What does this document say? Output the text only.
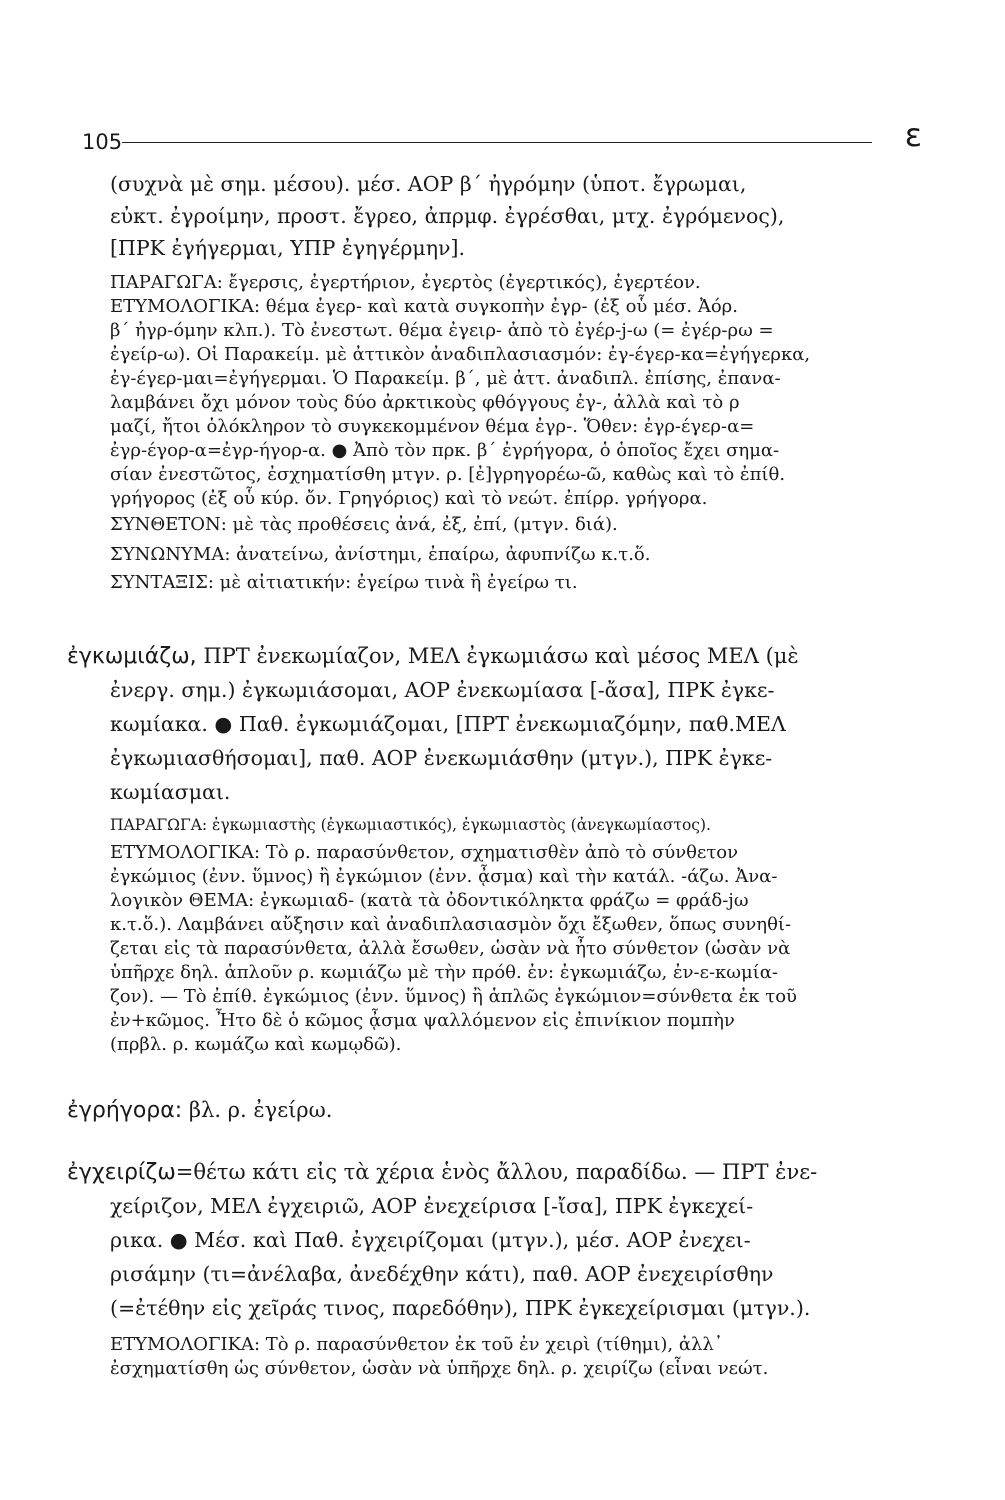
105	ε
(συχνὰ μὲ σημ. μέσου). μέσ. ΑΟΡ β΄ ἠγρόμην (ὑποτ. ἔγρωμαι,
εὐκτ. ἐγροίμην, προστ. ἔγρεο, ἀπρμφ. ἐγρέσθαι, μτχ. ἐγρόμενος),
[ΠΡΚ ἐγήγερμαι, ΥΠΡ ἐγηγέρμην].
ΠΑΡΑΓΩΓΑ: ἔγερσις, ἐγερτήριον, ἐγερτὸς (ἐγερτικός), ἐγερτέον.
ΕΤΥΜΟΛΟΓΙΚΑ: θέμα ἐγερ- καὶ κατὰ συγκοπὴν ἐγρ- (ἐξ οὗ μέσ. Ἀόρ.
β΄ ἠγρ-όμην κλπ.). Τὸ ἐνεστωτ. θέμα ἐγειρ- ἀπὸ τὸ ἐγέρ-j-ω (= ἐγέρ-ρω =
ἐγείρ-ω). Οἱ Παρακείμ. μὲ ἀττικὸν ἀναδιπλασιασμόν: ἐγ-έγερ-κα=ἐγήγερκα,
ἐγ-έγερ-μαι=ἐγήγερμαι. Ὁ Παρακείμ. β΄, μὲ ἀττ. ἀναδιπλ. ἐπίσης, ἐπανα-
λαμβάνει ὄχι μόνον τοὺς δύο ἀρκτικοὺς φθόγγους ἐγ-, ἀλλὰ καὶ τὸ ρ
μαζί, ἤτοι ὁλόκληρον τὸ συγκεκομμένον θέμα ἐγρ-. Ὅθεν: ἐγρ-έγερ-α=
ἐγρ-έγορ-α=ἐγρ-ήγορ-α. ● Ἀπὸ τὸν πρκ. β΄ ἐγρήγορα, ὁ ὁποῖος ἔχει σημα-
σίαν ἐνεστῶτος, ἐσχηματίσθη μτγν. ρ. [ἐ]γρηγορέω-ῶ, καθὼς καὶ τὸ ἐπίθ.
γρήγορος (ἐξ οὗ κύρ. ὄν. Γρηγόριος) καὶ τὸ νεώτ. ἐπίρρ. γρήγορα.
ΣΥΝΘΕΤΟΝ: μὲ τὰς προθέσεις ἀνά, ἐξ, ἐπί, (μτγν. διά).
ΣΥΝΩΝΥΜΑ: ἀνατείνω, ἀνίστημι, ἐπαίρω, ἀφυπνίζω κ.τ.ὅ.
ΣΥΝΤΑΞΙΣ: μὲ αἰτιατικήν: ἐγείρω τινὰ ἢ ἐγείρω τι.
ἐγκωμιάζω, ΠΡΤ ἐνεκωμίαζον, ΜΕΛ ἐγκωμιάσω καὶ μέσος ΜΕΛ (μὲ
ἐνεργ. σημ.) ἐγκωμιάσομαι, ΑΟΡ ἐνεκωμίασα [-ἄσα], ΠΡΚ ἐγκε-
κωμίακα. ● Παθ. ἐγκωμιάζομαι, [ΠΡΤ ἐνεκωμιαζόμην, παθ.ΜΕΛ
ἐγκωμιασθήσομαι], παθ. ΑΟΡ ἐνεκωμιάσθην (μτγν.), ΠΡΚ ἐγκε-
κωμίασμαι.
ΠΑΡΑΓΩΓΑ: ἐγκωμιαστὴς (ἐγκωμιαστικός), ἐγκωμιαστὸς (ἀνεγκωμίαστος).
ΕΤΥΜΟΛΟΓΙΚΑ: Τὸ ρ. παρασύνθετον, σχηματισθὲν ἀπὸ τὸ σύνθετον
ἐγκώμιος (ἐνν. ὕμνος) ἢ ἐγκώμιον (ἐνν. ᾆσμα) καὶ τὴν κατάλ. -άζω. Ἀνα-
λογικὸν ΘΕΜΑ: ἐγκωμιαδ- (κατὰ τὰ ὀδοντικόληκτα φράζω = φράδ-jω
κ.τ.ὅ.). Λαμβάνει αὔξησιν καὶ ἀναδιπλασιασμὸν ὄχι ἔξωθεν, ὅπως συνηθί-
ζεται εἰς τὰ παρασύνθετα, ἀλλὰ ἔσωθεν, ὡσὰν νὰ ἦτο σύνθετον (ὡσὰν νὰ
ὑπῆρχε δηλ. ἁπλοῦν ρ. κωμιάζω μὲ τὴν πρόθ. ἐν: ἐγκωμιάζω, ἐν-ε-κωμία-
ζον). — Τὸ ἐπίθ. ἐγκώμιος (ἐνν. ὕμνος) ἢ ἁπλῶς ἐγκώμιον=σύνθετα ἐκ τοῦ
ἐν+κῶμος. Ἦτο δὲ ὁ κῶμος ᾆσμα ψαλλόμενον εἰς ἐπινίκιον πομπὴν
(πρβλ. ρ. κωμάζω καὶ κωμῳδῶ).
ἐγρήγορα: βλ. ρ. ἐγείρω.
ἐγχειρίζω=θέτω κάτι εἰς τὰ χέρια ἑνὸς ἄλλου, παραδίδω. — ΠΡΤ ἐνε-
χείριζον, ΜΕΛ ἐγχειριῶ, ΑΟΡ ἐνεχείρισα [-ἴσα], ΠΡΚ ἐγκεχεί-
ρικα. ● Μέσ. καὶ Παθ. ἐγχειρίζομαι (μτγν.), μέσ. ΑΟΡ ἐνεχει-
ρισάμην (τι=ἀνέλαβα, ἀνεδέχθην κάτι), παθ. ΑΟΡ ἐνεχειρίσθην
(=ἐτέθην εἰς χεῖράς τινος, παρεδόθην), ΠΡΚ ἐγκεχείρισμαι (μτγν.).
ΕΤΥΜΟΛΟΓΙΚΑ: Τὸ ρ. παρασύνθετον ἐκ τοῦ ἐν χειρὶ (τίθημι), ἀλλ᾽
ἐσχηματίσθη ὡς σύνθετον, ὡσὰν νὰ ὑπῆρχε δηλ. ρ. χειρίζω (εἶναι νεώτ.
